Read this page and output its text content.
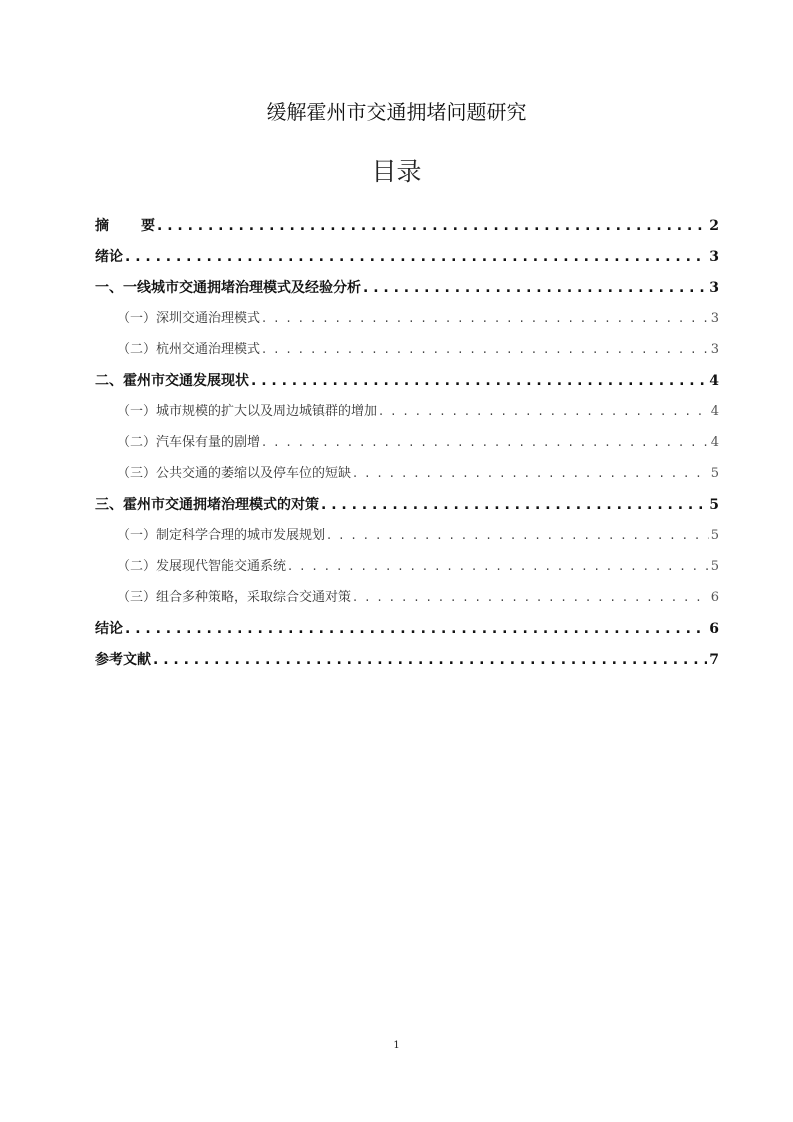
缓解霍州市交通拥堵问题研究
目录
摘 要 . . .	2
绪论 . . .	3
一、一线城市交通拥堵治理模式及经验分析 . . .	3
（一）深圳交通治理模式 . . .	3
（二）杭州交通治理模式 . . .	3
二、霍州市交通发展现状 . . .	4
（一）城市规模的扩大以及周边城镇群的增加 . . .	4
（二）汽车保有量的剧增 . . .	4
（三）公共交通的萎缩以及停车位的短缺 . . .	5
三、霍州市交通拥堵治理模式的对策 . . .	5
（一）制定科学合理的城市发展规划 . . .	5
（二）发展现代智能交通系统 . . .	5
（三）组合多种策略，采取综合交通对策 . . .	6
结论 . . .	6
参考文献 . . .	7
1
